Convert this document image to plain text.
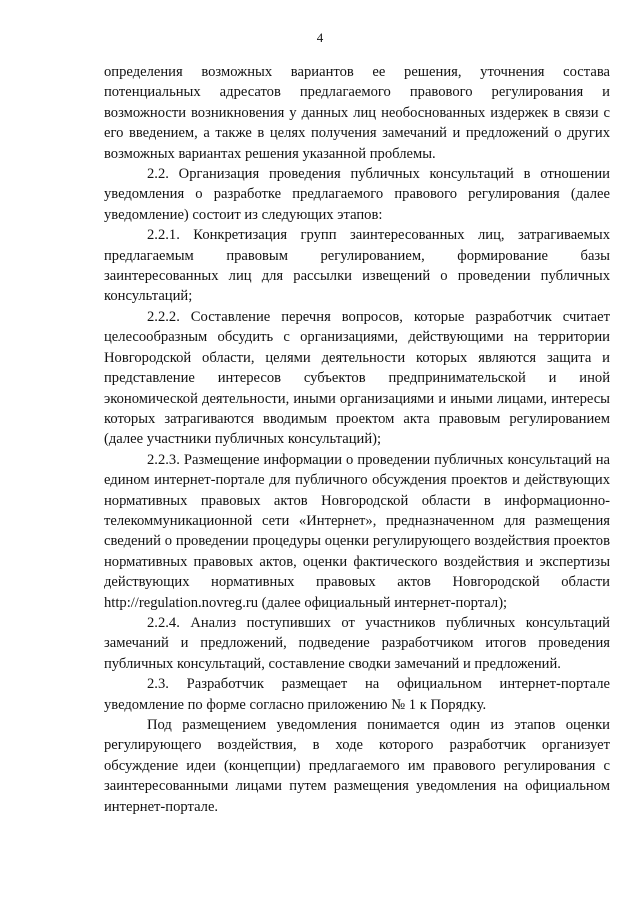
4

определения возможных вариантов ее решения, уточнения состава потенциальных адресатов предлагаемого правового регулирования и возможности возникновения у данных лиц необоснованных издержек в связи с его введением, а также в целях получения замечаний и предложений о других возможных вариантах решения указанной проблемы.

2.2. Организация проведения публичных консультаций в отношении уведомления о разработке предлагаемого правового регулирования (далее уведомление) состоит из следующих этапов:

2.2.1. Конкретизация групп заинтересованных лиц, затрагиваемых предлагаемым правовым регулированием, формирование базы заинтересованных лиц для рассылки извещений о проведении публичных консультаций;

2.2.2. Составление перечня вопросов, которые разработчик считает целесообразным обсудить с организациями, действующими на территории Новгородской области, целями деятельности которых являются защита и представление интересов субъектов предпринимательской и иной экономической деятельности, иными организациями и иными лицами, интересы которых затрагиваются вводимым проектом акта правовым регулированием (далее участники публичных консультаций);

2.2.3. Размещение информации о проведении публичных консультаций на едином интернет-портале для публичного обсуждения проектов и действующих нормативных правовых актов Новгородской области в информационно-телекоммуникационной сети «Интернет», предназначенном для размещения сведений о проведении процедуры оценки регулирующего воздействия проектов нормативных правовых актов, оценки фактического воздействия и экспертизы действующих нормативных правовых актов Новгородской области http://regulation.novreg.ru (далее официальный интернет-портал);

2.2.4. Анализ поступивших от участников публичных консультаций замечаний и предложений, подведение разработчиком итогов проведения публичных консультаций, составление сводки замечаний и предложений.

2.3. Разработчик размещает на официальном интернет-портале уведомление по форме согласно приложению № 1 к Порядку.

Под размещением уведомления понимается один из этапов оценки регулирующего воздействия, в ходе которого разработчик организует обсуждение идеи (концепции) предлагаемого им правового регулирования с заинтересованными лицами путем размещения уведомления на официальном интернет-портале.
